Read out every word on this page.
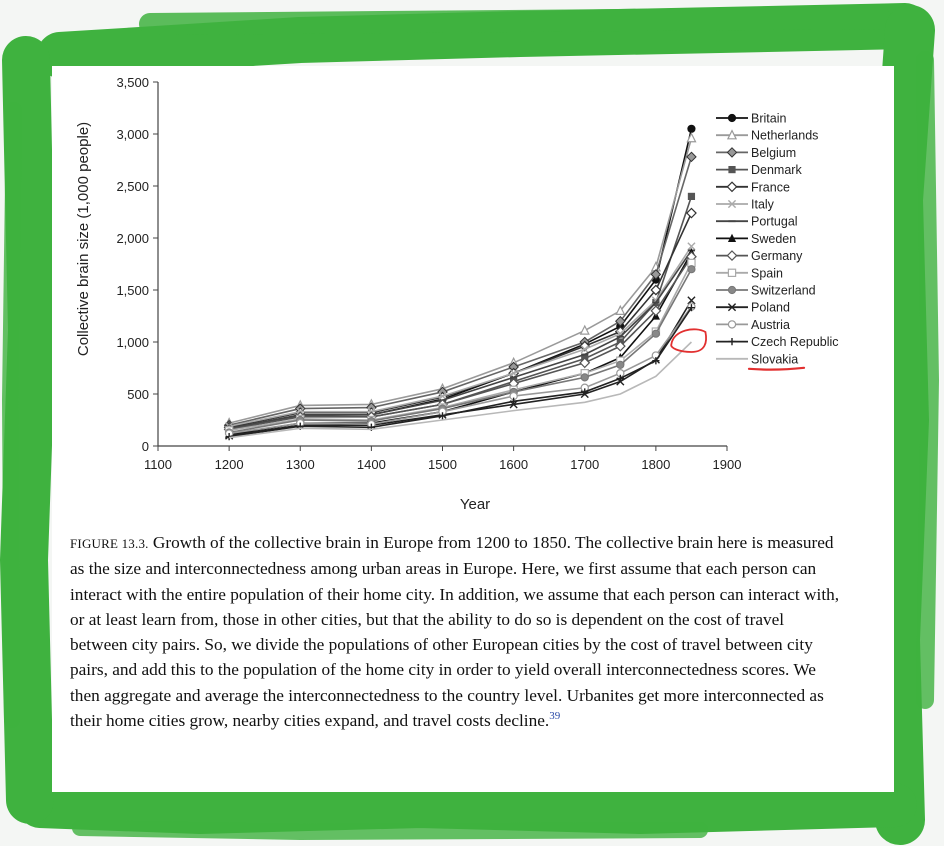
0
500
1,000
1,500
2,000
2,500
3,000
3,500
1100	1200	1300	1400	1500	1600	1700	1800	1900
Britain
Netherlands
Belgium
Denmark
France
Italy
Portugal
Sweden
Germany
Spain
Switzerland
Poland
Austria
Czech Republic
Slovakia
Collective brain size (1,000 people)
Year
FIGURE 13.3. Growth of the collective brain in Europe from 1200 to 1850. The collective brain here is measured as the size and interconnectedness among urban areas in Europe. Here, we first assume that each person can interact with the entire population of their home city. In addition, we assume that each person can interact with, or at least learn from, those in other cities, but that the ability to do so is dependent on the cost of travel between city pairs. So, we divide the populations of other European cities by the cost of travel between city pairs, and add this to the population of the home city in order to yield overall interconnectedness scores. We then aggregate and average the interconnectedness to the country level. Urbanites get more interconnected as their home cities grow, nearby cities expand, and travel costs decline.$^{39}$
